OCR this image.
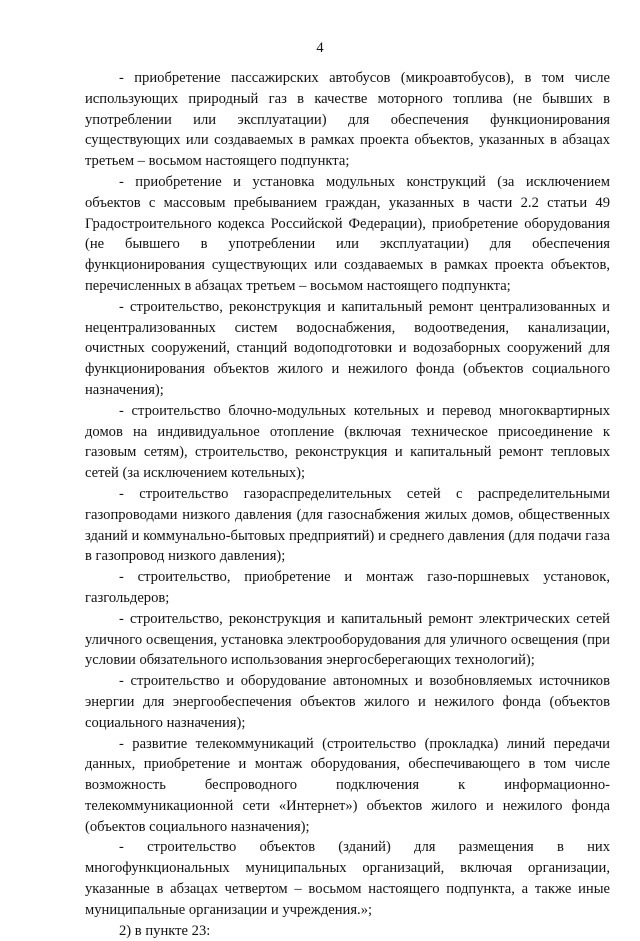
4

- приобретение пассажирских автобусов (микроавтобусов), в том числе использующих природный газ в качестве моторного топлива (не бывших в употреблении или эксплуатации) для обеспечения функционирования существующих или создаваемых в рамках проекта объектов, указанных в абзацах третьем – восьмом настоящего подпункта;

- приобретение и установка модульных конструкций (за исключением объектов с массовым пребыванием граждан, указанных в части 2.2 статьи 49 Градостроительного кодекса Российской Федерации), приобретение оборудования (не бывшего в употреблении или эксплуатации) для обеспечения функционирования существующих или создаваемых в рамках проекта объектов, перечисленных в абзацах третьем – восьмом настоящего подпункта;

- строительство, реконструкция и капитальный ремонт централизованных и нецентрализованных систем водоснабжения, водоотведения, канализации, очистных сооружений, станций водоподготовки и водозаборных сооружений для функционирования объектов жилого и нежилого фонда (объектов социального назначения);

- строительство блочно-модульных котельных и перевод многоквартирных домов на индивидуальное отопление (включая техническое присоединение к газовым сетям), строительство, реконструкция и капитальный ремонт тепловых сетей (за исключением котельных);

- строительство газораспределительных сетей с распределительными газопроводами низкого давления (для газоснабжения жилых домов, общественных зданий и коммунально-бытовых предприятий) и среднего давления (для подачи газа в газопровод низкого давления);

- строительство, приобретение и монтаж газо-поршневых установок, газгольдеров;

- строительство, реконструкция и капитальный ремонт электрических сетей уличного освещения, установка электрооборудования для уличного освещения (при условии обязательного использования энергосберегающих технологий);

- строительство и оборудование автономных и возобновляемых источников энергии для энергообеспечения объектов жилого и нежилого фонда (объектов социального назначения);

- развитие телекоммуникаций (строительство (прокладка) линий передачи данных, приобретение и монтаж оборудования, обеспечивающего в том числе возможность беспроводного подключения к информационно-телекоммуникационной сети «Интернет») объектов жилого и нежилого фонда (объектов социального назначения);

- строительство объектов (зданий) для размещения в них многофункциональных муниципальных организаций, включая организации, указанные в абзацах четвертом – восьмом настоящего подпункта, а также иные муниципальные организации и учреждения.»;

2) в пункте 23:
